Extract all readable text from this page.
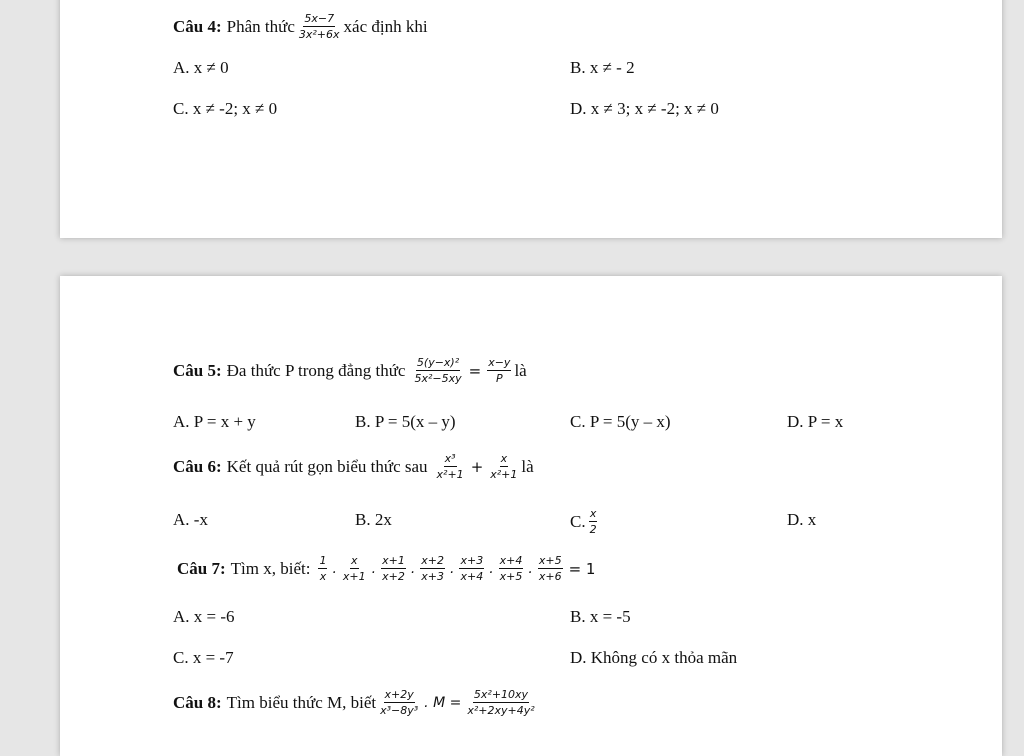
Câu 4: Phân thức $\frac{5x-7}{\text{3x²+6x}}$ xác định khi
A. x ≠ 0	B. x ≠ - 2
C. x ≠ -2; x ≠ 0	D. x ≠ 3; x ≠ -2; x ≠ 0
Câu 5: Đa thức P trong đẳng thức $\frac{\text{5(y−x)²}}{\text{5x²−5xy}} = \frac{x-y}{P}$ là
A. P = x + y	B. P = 5(x – y)	C. P = 5(y – x)	D. P = x
Câu 6: Kết quả rút gọn biểu thức sau $\frac{\text{x³}}{\text{x²+1}} + \frac{x}{\text{x²+1}}$ là
A. -x	B. 2x	C. $\frac{x}{2}$	D. x
Câu 7: Tìm x, biết: $\frac{1}{x}$ . $\frac{x}{x+1}$ . $\frac{x+1}{x+2}$ . $\frac{x+2}{x+3}$ . $\frac{x+3}{x+4}$ . $\frac{x+4}{x+5}$ . $\frac{x+5}{x+6} = 1$
A. x = -6	B. x = -5
C. x = -7	D. Không có x thỏa mãn
Câu 8: Tìm biểu thức M, biết $\frac{x+2y}{\text{x³−8y³}}$ . $M = \frac{\text{5x²+10xy}}{\text{x²+2xy+4y²}}$
